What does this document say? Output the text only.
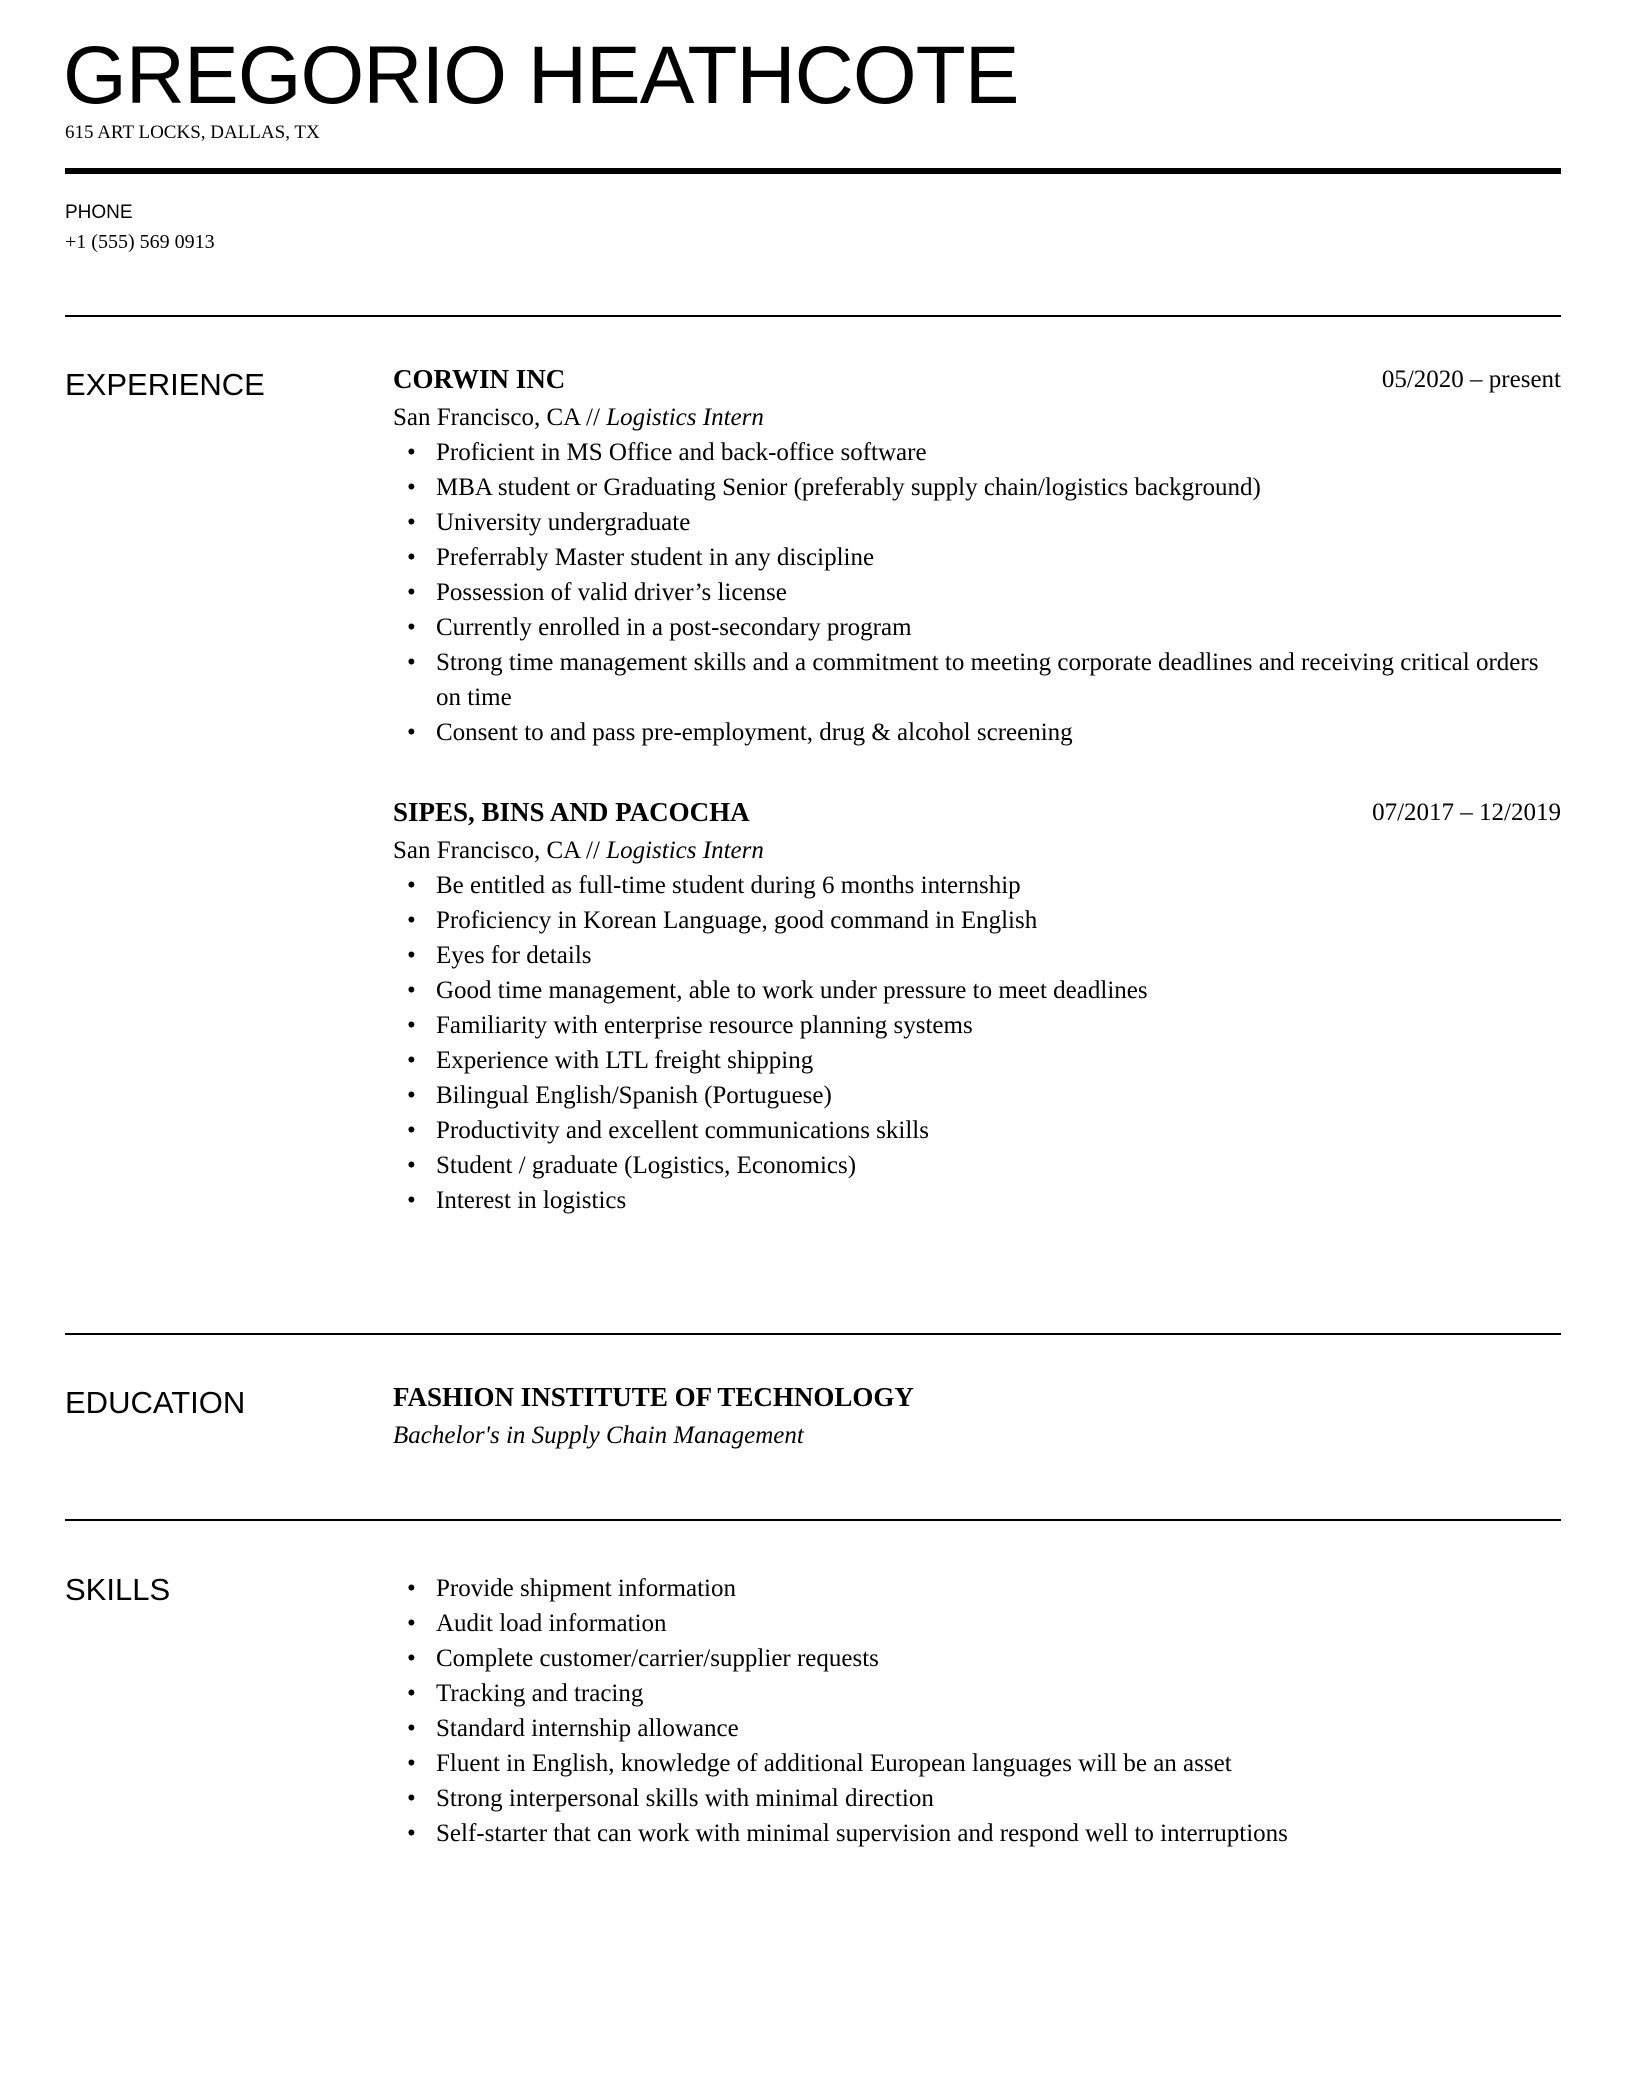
GREGORIO HEATHCOTE
615 ART LOCKS, DALLAS, TX
PHONE
+1 (555) 569 0913
EXPERIENCE	CORWIN INC	05/2020 – present
San Francisco, CA // Logistics Intern
• Proficient in MS Office and back-office software
• MBA student or Graduating Senior (preferably supply chain/logistics background)
• University undergraduate
• Preferrably Master student in any discipline
• Possession of valid driver’s license
• Currently enrolled in a post-secondary program
• Strong time management skills and a commitment to meeting corporate deadlines and receiving critical orders on time
• Consent to and pass pre-employment, drug & alcohol screening
SIPES, BINS AND PACOCHA	07/2017 – 12/2019
San Francisco, CA // Logistics Intern
• Be entitled as full-time student during 6 months internship
• Proficiency in Korean Language, good command in English
• Eyes for details
• Good time management, able to work under pressure to meet deadlines
• Familiarity with enterprise resource planning systems
• Experience with LTL freight shipping
• Bilingual English/Spanish (Portuguese)
• Productivity and excellent communications skills
• Student / graduate (Logistics, Economics)
• Interest in logistics
EDUCATION	FASHION INSTITUTE OF TECHNOLOGY
Bachelor's in Supply Chain Management
SKILLS	• Provide shipment information
• Audit load information
• Complete customer/carrier/supplier requests
• Tracking and tracing
• Standard internship allowance
• Fluent in English, knowledge of additional European languages will be an asset
• Strong interpersonal skills with minimal direction
• Self-starter that can work with minimal supervision and respond well to interruptions
